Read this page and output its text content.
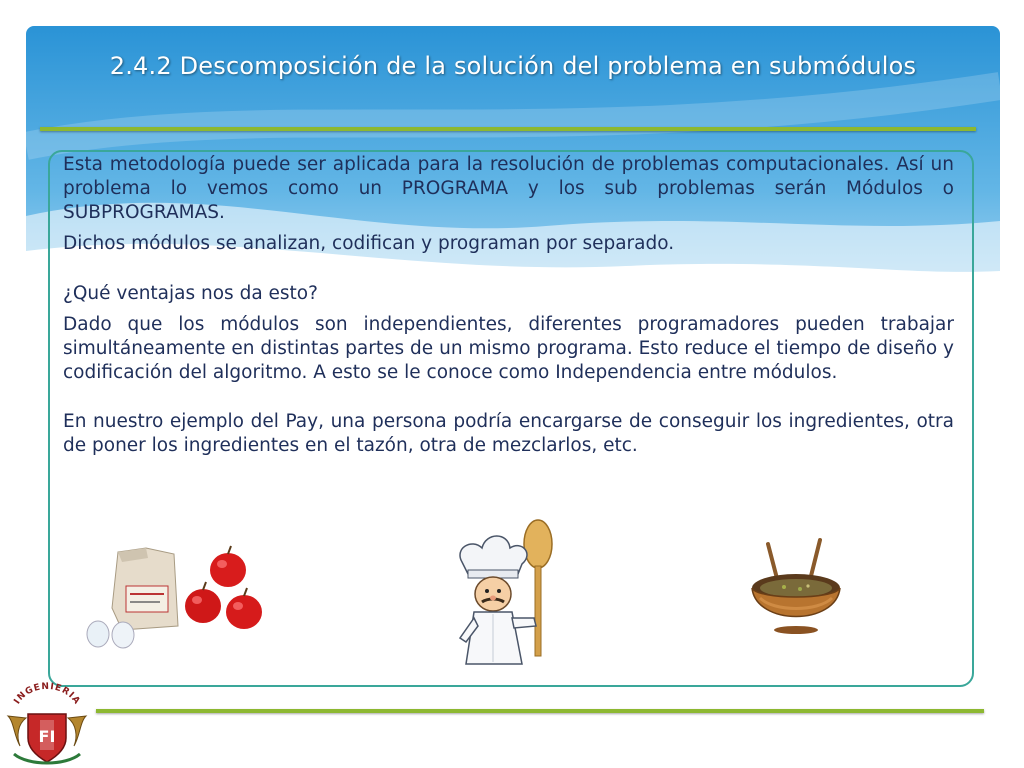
2.4.2 Descomposición de la solución del problema en submódulos

Esta metodología puede ser aplicada para la resolución de problemas computacionales. Así un problema lo vemos como un PROGRAMA y los sub problemas serán Módulos o SUBPROGRAMAS.

Dichos módulos se analizan, codifican y programan por separado.

¿Qué ventajas nos da esto?

Dado que los módulos son independientes, diferentes programadores pueden trabajar simultáneamente en distintas partes de un mismo programa. Esto reduce el tiempo de diseño y codificación del algoritmo. A esto se le conoce como Independencia entre módulos.

En nuestro ejemplo del Pay, una persona podría encargarse de conseguir los ingredientes, otra de poner los ingredientes en el tazón, otra de mezclarlos, etc.

INGENIERIA
FI
